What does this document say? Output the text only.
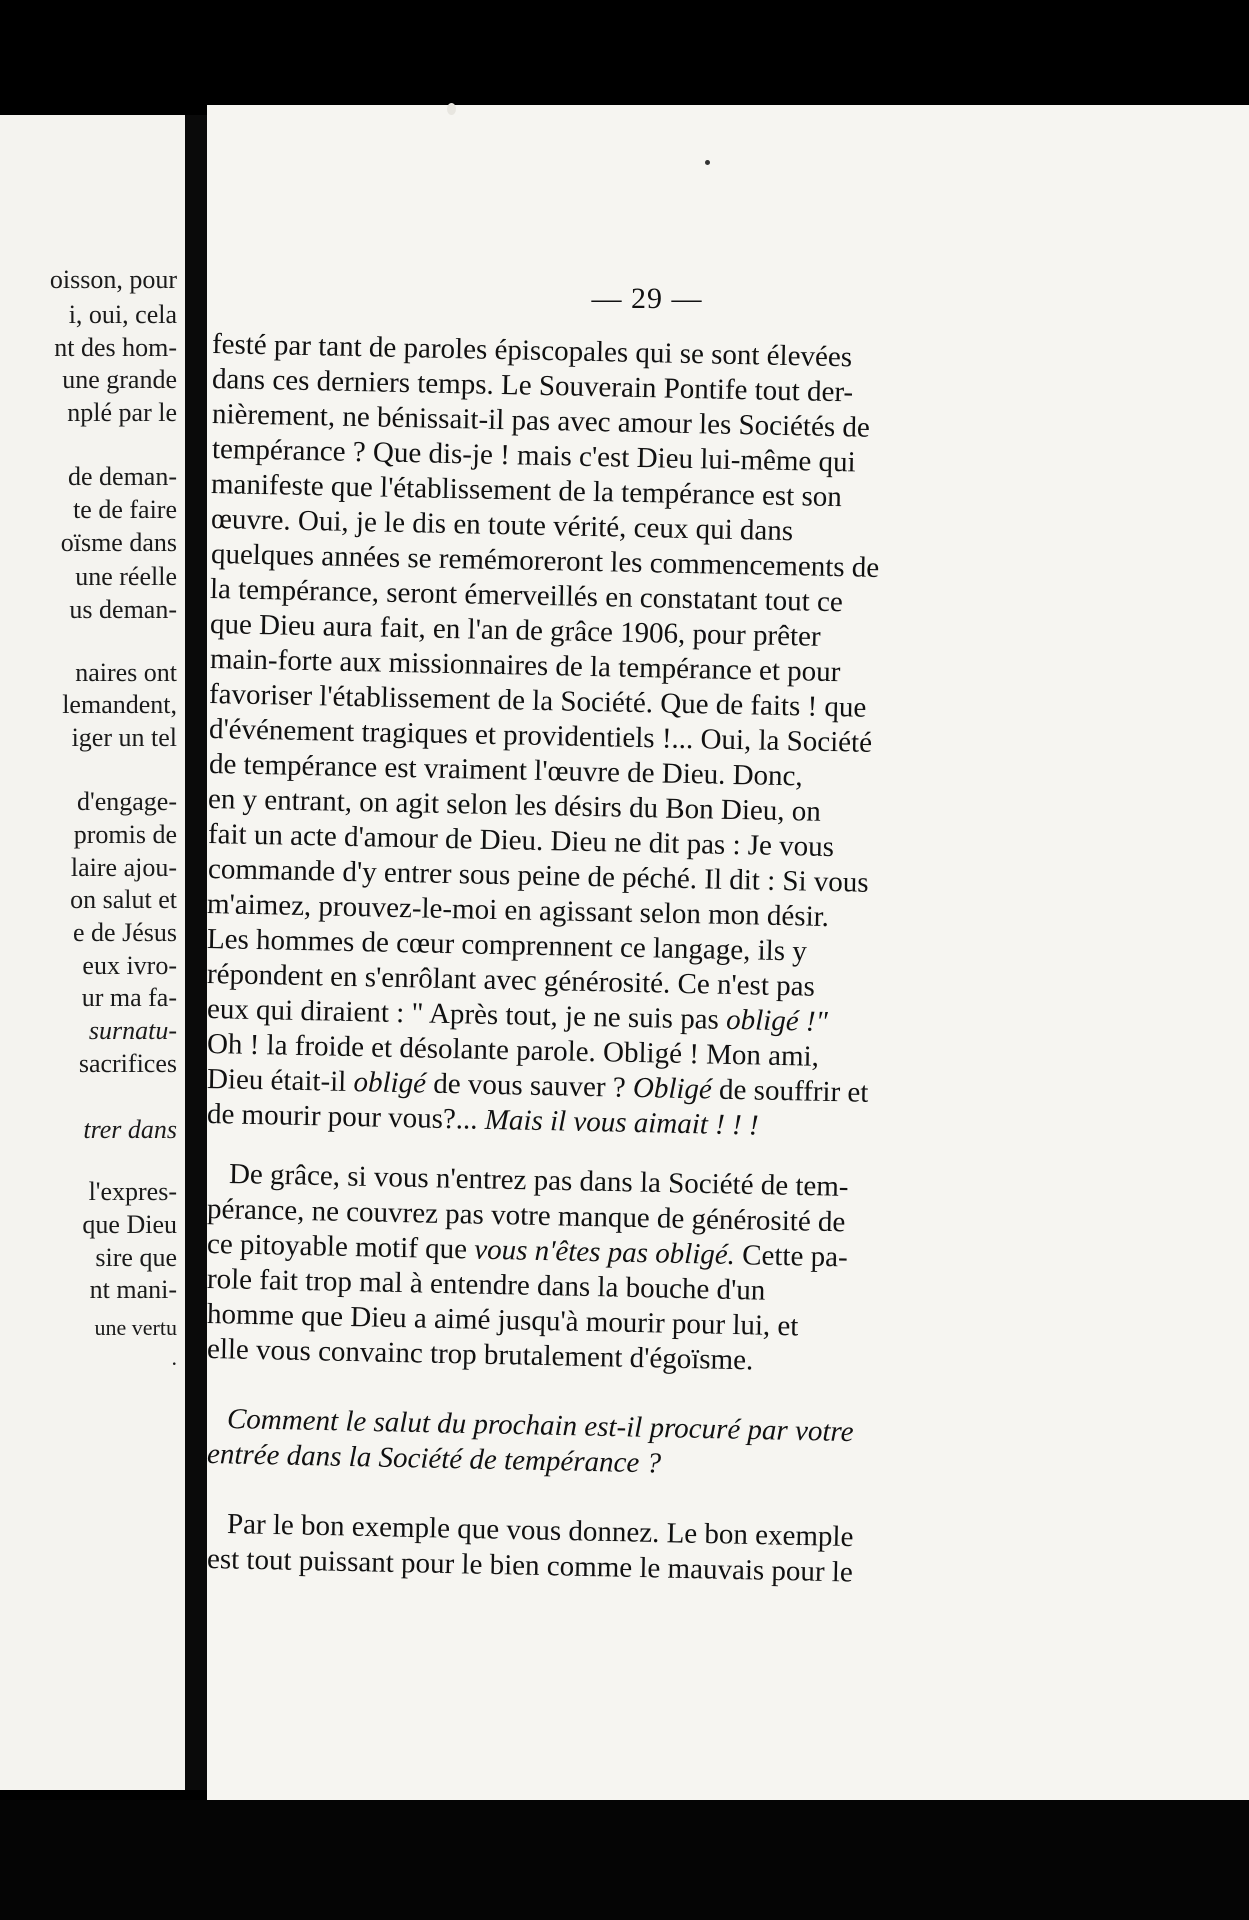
oisson, pour
i, oui, cela
nt des hom-
une grande
nplé par le
de deman-
te de faire
oïsme dans
une réelle
us deman-
naires ont
lemandent,
iger un tel
d'engage-
promis de
laire ajou-
on salut et
e de Jésus
eux ivro-
ur ma fa-
surnatu-
sacrifices
trer dans
l'expres-
que Dieu
sire que
nt mani-
une vertu
.
— 29 —
festé par tant de paroles épiscopales qui se sont élevées
dans ces derniers temps. Le Souverain Pontife tout der-
nièrement, ne bénissait-il pas avec amour les Sociétés de
tempérance ? Que dis-je ! mais c'est Dieu lui-même qui
manifeste que l'établissement de la tempérance est son
œuvre. Oui, je le dis en toute vérité, ceux qui dans
quelques années se remémoreront les commencements de
la tempérance, seront émerveillés en constatant tout ce
que Dieu aura fait, en l'an de grâce 1906, pour prêter
main-forte aux missionnaires de la tempérance et pour
favoriser l'établissement de la Société. Que de faits ! que
d'événement tragiques et providentiels !... Oui, la Société
de tempérance est vraiment l'œuvre de Dieu. Donc,
en y entrant, on agit selon les désirs du Bon Dieu, on
fait un acte d'amour de Dieu. Dieu ne dit pas : Je vous
commande d'y entrer sous peine de péché. Il dit : Si vous
m'aimez, prouvez-le-moi en agissant selon mon désir.
Les hommes de cœur comprennent ce langage, ils y
répondent en s'enrôlant avec générosité. Ce n'est pas
eux qui diraient : " Après tout, je ne suis pas obligé !"
Oh ! la froide et désolante parole. Obligé ! Mon ami,
Dieu était-il obligé de vous sauver ? Obligé de souffrir et
de mourir pour vous?... Mais il vous aimait ! ! !
De grâce, si vous n'entrez pas dans la Société de tem-
pérance, ne couvrez pas votre manque de générosité de
ce pitoyable motif que vous n'êtes pas obligé. Cette pa-
role fait trop mal à entendre dans la bouche d'un
homme que Dieu a aimé jusqu'à mourir pour lui, et
elle vous convainc trop brutalement d'égoïsme.
Comment le salut du prochain est-il procuré par votre
entrée dans la Société de tempérance ?
Par le bon exemple que vous donnez. Le bon exemple
est tout puissant pour le bien comme le mauvais pour le
